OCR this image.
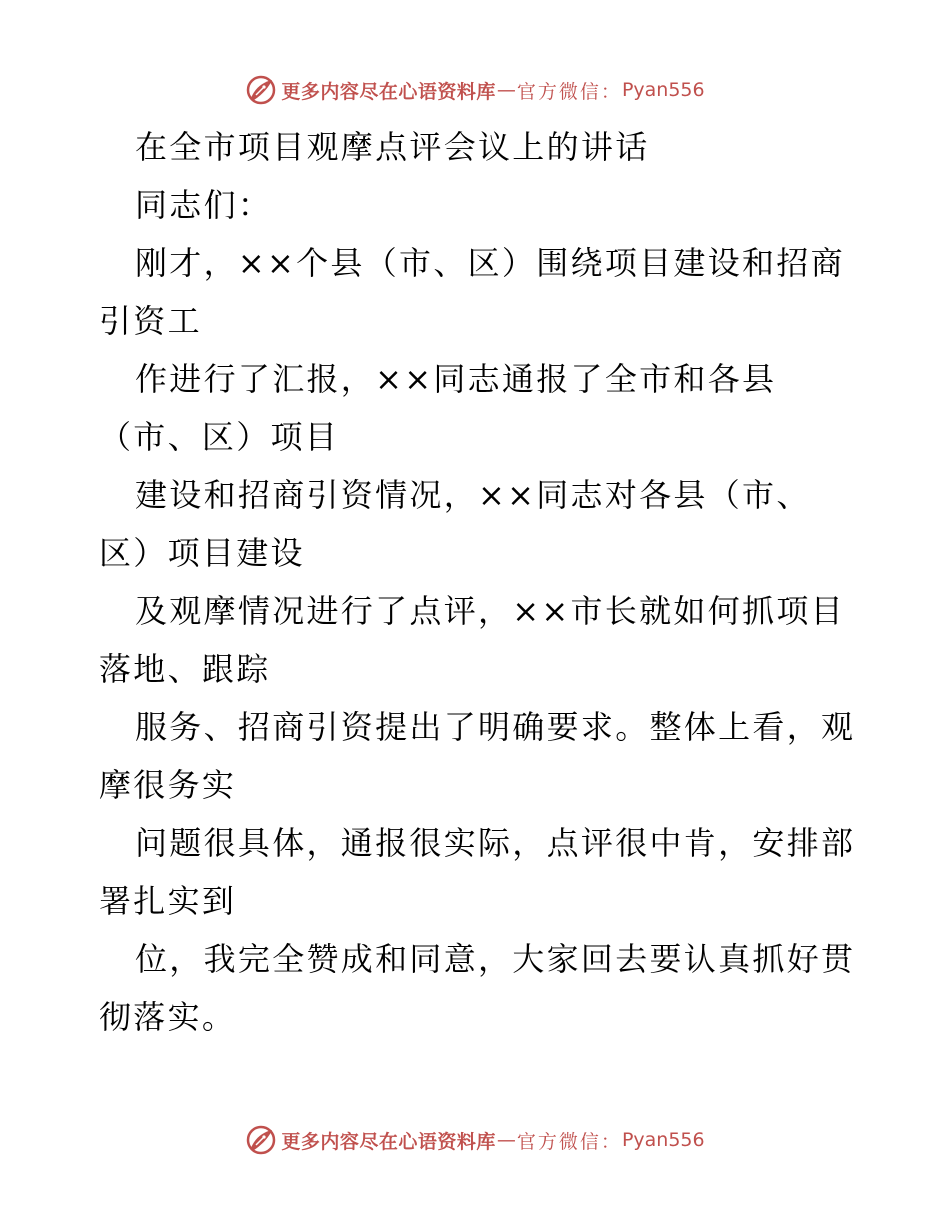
更多内容尽在心语资料库 — 官方微信： Pyan556
在全市项目观摩点评会议上的讲话
同志们：
刚才，××个县（市、区）围绕项目建设和招商
引资工
作进行了汇报，××同志通报了全市和各县
（市、区）项目
建设和招商引资情况，××同志对各县（市、
区）项目建设
及观摩情况进行了点评，××市长就如何抓项目
落地、跟踪
服务、招商引资提出了明确要求。整体上看，观
摩很务实
问题很具体，通报很实际，点评很中肯，安排部
署扎实到
位，我完全赞成和同意，大家回去要认真抓好贯
彻落实。
更多内容尽在心语资料库 — 官方微信： Pyan556
